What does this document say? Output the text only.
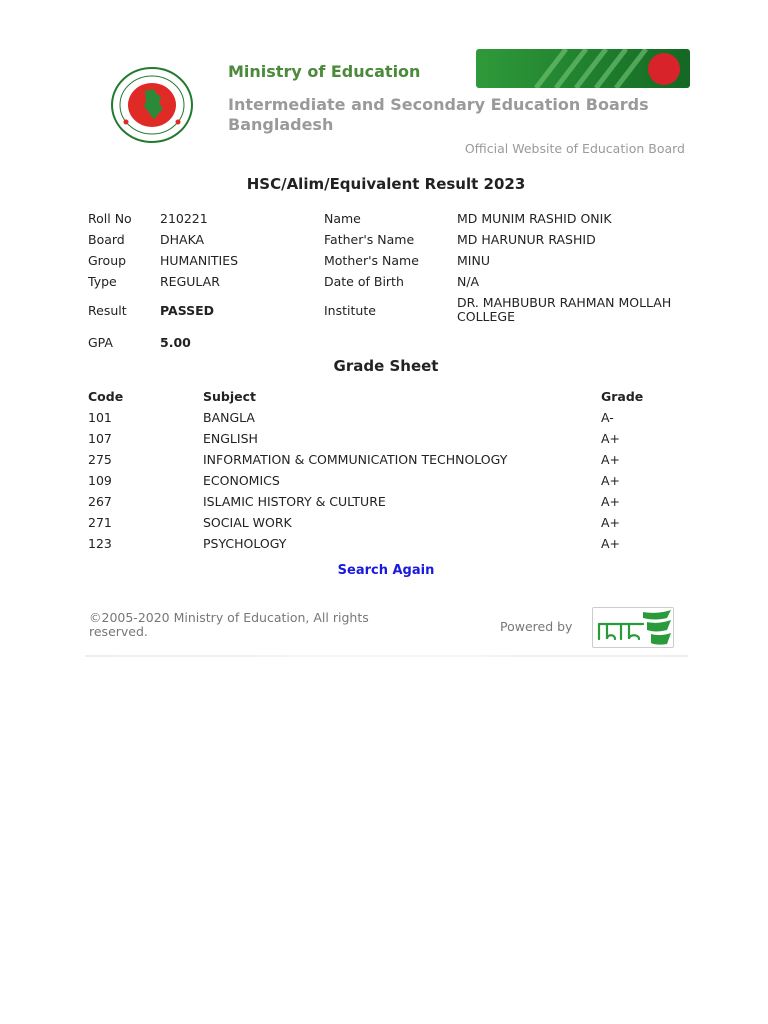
Ministry of Education
Intermediate and Secondary Education Boards Bangladesh
Official Website of Education Board
HSC/Alim/Equivalent Result 2023
Roll No	210221	Name	MD MUNIM RASHID ONIK
Board	DHAKA	Father's Name	MD HARUNUR RASHID
Group	HUMANITIES	Mother's Name	MINU
Type	REGULAR	Date of Birth	N/A
Result	PASSED	Institute	DR. MAHBUBUR RAHMAN MOLLAH COLLEGE
GPA	5.00
Grade Sheet
Code	Subject	Grade
101	BANGLA	A-
107	ENGLISH	A+
275	INFORMATION & COMMUNICATION TECHNOLOGY	A+
109	ECONOMICS	A+
267	ISLAMIC HISTORY & CULTURE	A+
271	SOCIAL WORK	A+
123	PSYCHOLOGY	A+
Search Again
©2005-2020 Ministry of Education, All rights reserved.	Powered by
